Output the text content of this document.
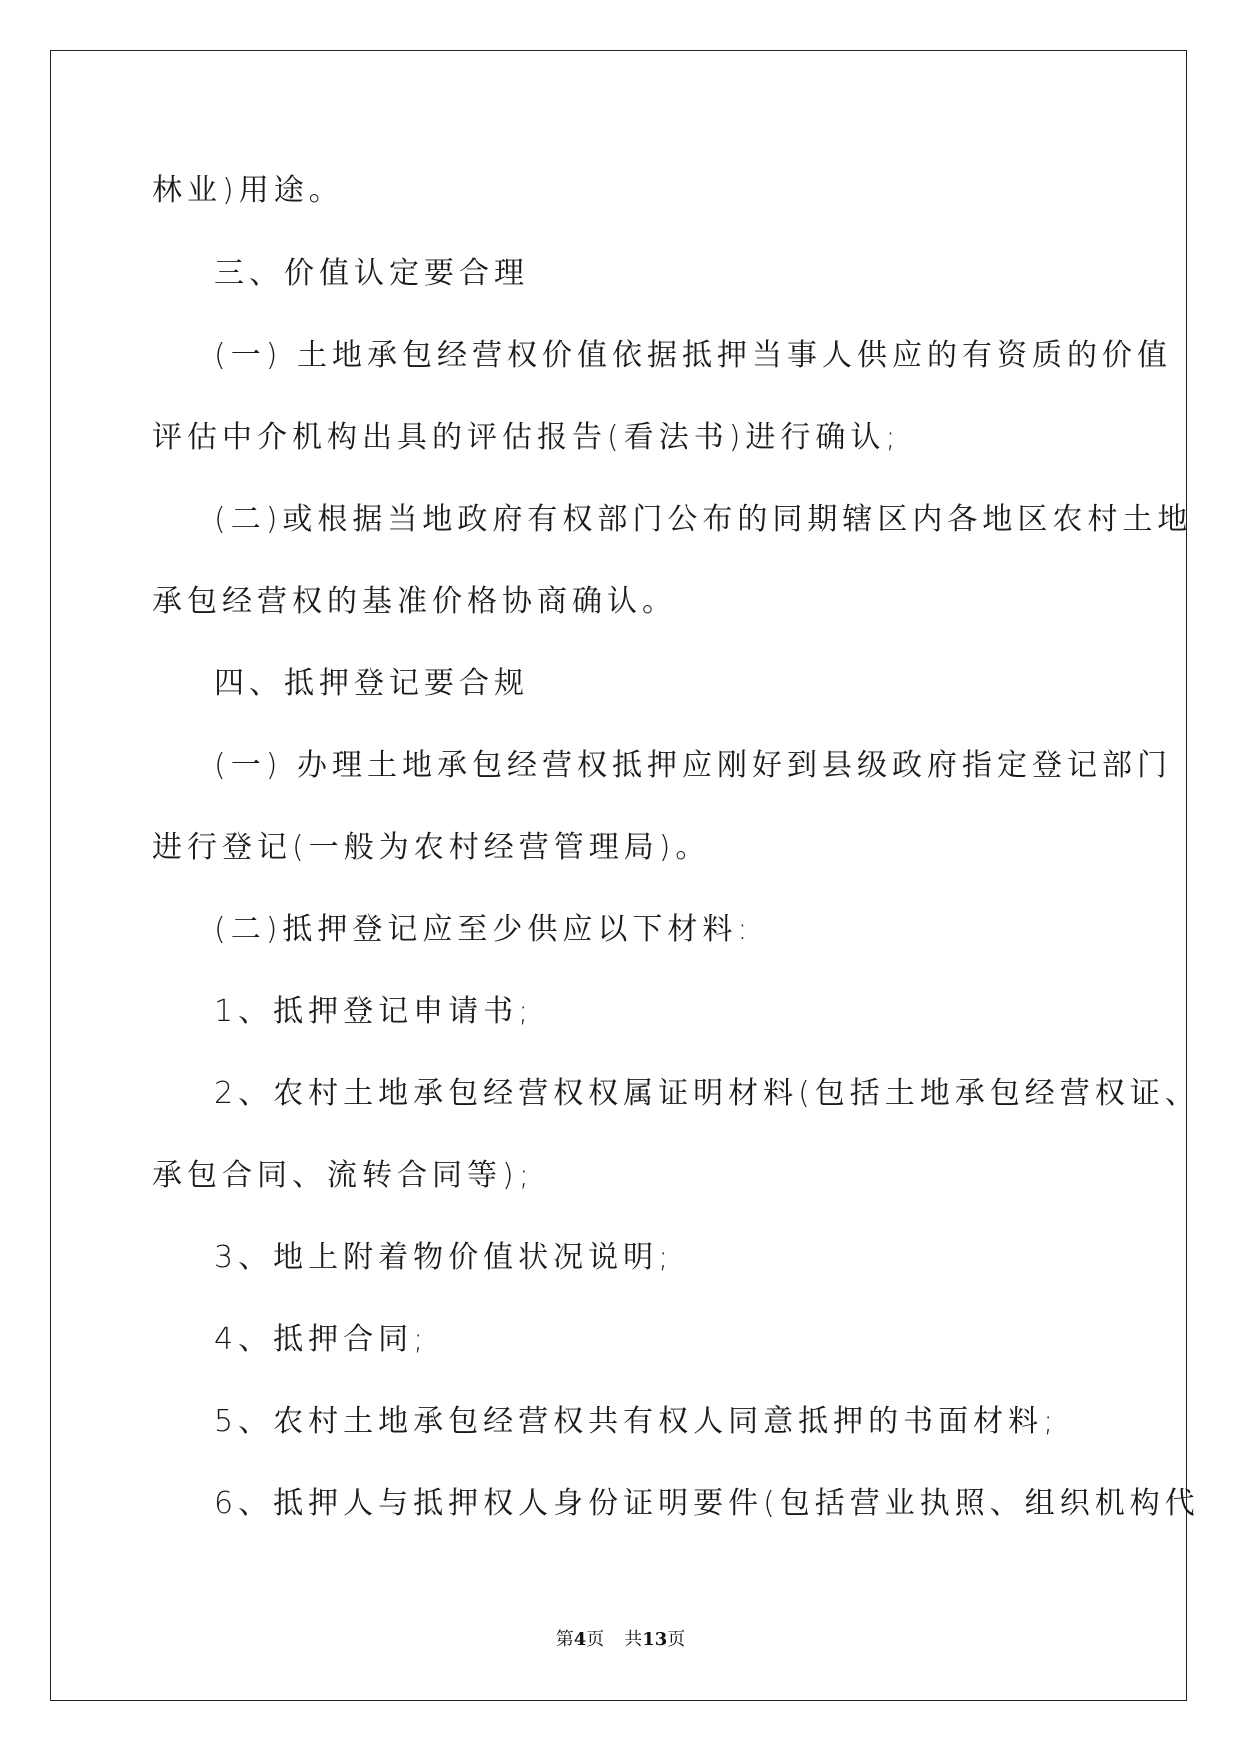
林业)用途。
三、价值认定要合理
(一) 土地承包经营权价值依据抵押当事人供应的有资质的价值
评估中介机构出具的评估报告(看法书)进行确认;
(二)或根据当地政府有权部门公布的同期辖区内各地区农村土地
承包经营权的基准价格协商确认。
四、抵押登记要合规
(一) 办理土地承包经营权抵押应刚好到县级政府指定登记部门
进行登记(一般为农村经营管理局)。
(二)抵押登记应至少供应以下材料:
1、抵押登记申请书;
2、农村土地承包经营权权属证明材料(包括土地承包经营权证、
承包合同、流转合同等);
3、地上附着物价值状况说明;
4、抵押合同;
5、农村土地承包经营权共有权人同意抵押的书面材料;
6、抵押人与抵押权人身份证明要件(包括营业执照、组织机构代
第4页 共13页
